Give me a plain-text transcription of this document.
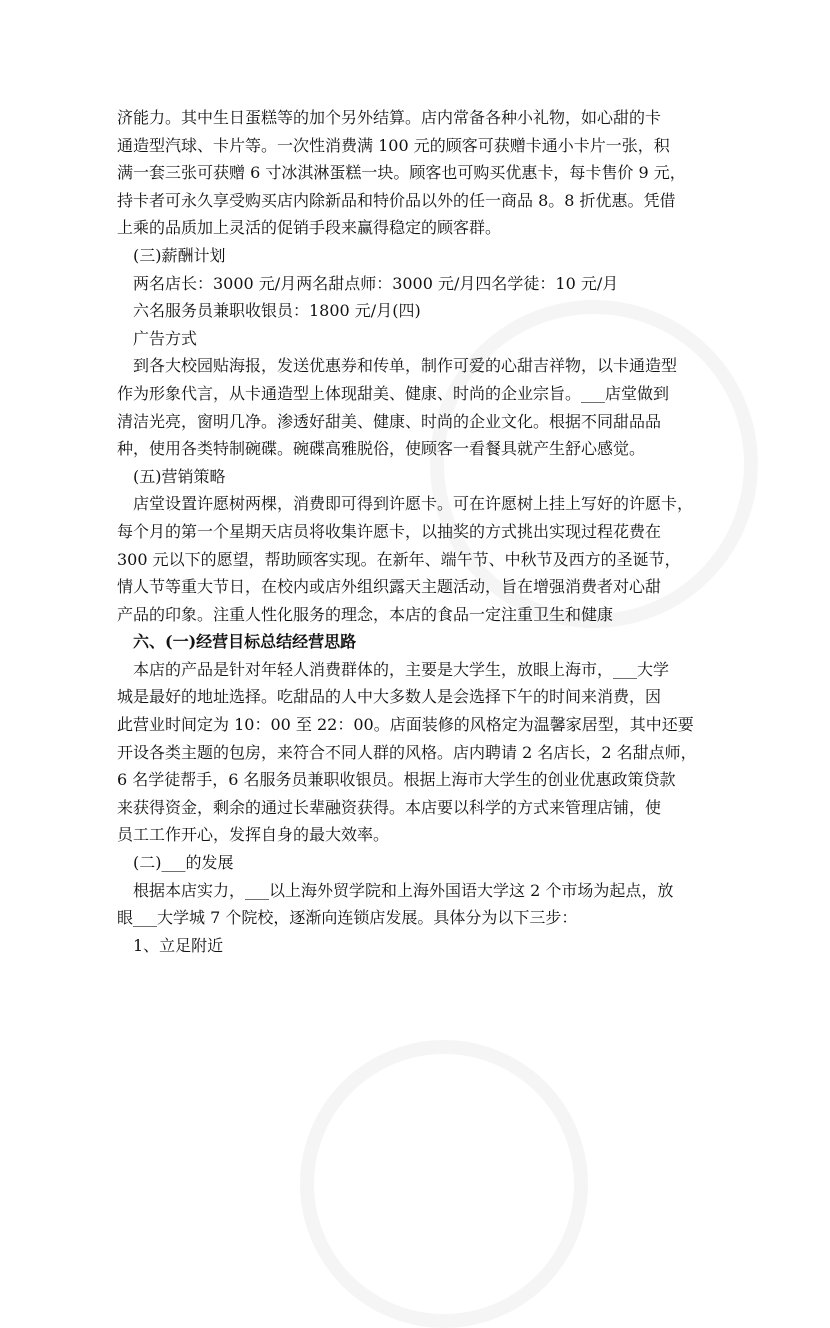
济能力。其中生日蛋糕等的加个另外结算。店内常备各种小礼物，如心甜的卡
通造型汽球、卡片等。一次性消费满 100 元的顾客可获赠卡通小卡片一张，积
满一套三张可获赠 6 寸冰淇淋蛋糕一块。顾客也可购买优惠卡，每卡售价 9 元，
持卡者可永久享受购买店内除新品和特价品以外的任一商品 8。8 折优惠。凭借
上乘的品质加上灵活的促销手段来赢得稳定的顾客群。
(三)薪酬计划
两名店长：3000 元/月两名甜点师：3000 元/月四名学徒：10 元/月
六名服务员兼职收银员：1800 元/月(四)
广告方式
到各大校园贴海报，发送优惠券和传单，制作可爱的心甜吉祥物，以卡通造型
作为形象代言，从卡通造型上体现甜美、健康、时尚的企业宗旨。___店堂做到
清洁光亮，窗明几净。渗透好甜美、健康、时尚的企业文化。根据不同甜品品
种，使用各类特制碗碟。碗碟高雅脱俗，使顾客一看餐具就产生舒心感觉。
(五)营销策略
店堂设置许愿树两棵，消费即可得到许愿卡。可在许愿树上挂上写好的许愿卡，
每个月的第一个星期天店员将收集许愿卡，以抽奖的方式挑出实现过程花费在
300 元以下的愿望，帮助顾客实现。在新年、端午节、中秋节及西方的圣诞节，
情人节等重大节日，在校内或店外组织露天主题活动，旨在增强消费者对心甜
产品的印象。注重人性化服务的理念，本店的食品一定注重卫生和健康
六、(一)经营目标总结经营思路
本店的产品是针对年轻人消费群体的，主要是大学生，放眼上海市，___大学
城是最好的地址选择。吃甜品的人中大多数人是会选择下午的时间来消费，因
此营业时间定为 10：00 至 22：00。店面装修的风格定为温馨家居型，其中还要
开设各类主题的包房，来符合不同人群的风格。店内聘请 2 名店长，2 名甜点师，
6 名学徒帮手，6 名服务员兼职收银员。根据上海市大学生的创业优惠政策贷款
来获得资金，剩余的通过长辈融资获得。本店要以科学的方式来管理店铺，使
员工工作开心，发挥自身的最大效率。
(二)___的发展
根据本店实力，___以上海外贸学院和上海外国语大学这 2 个市场为起点，放
眼___大学城 7 个院校，逐渐向连锁店发展。具体分为以下三步：
1、立足附近
